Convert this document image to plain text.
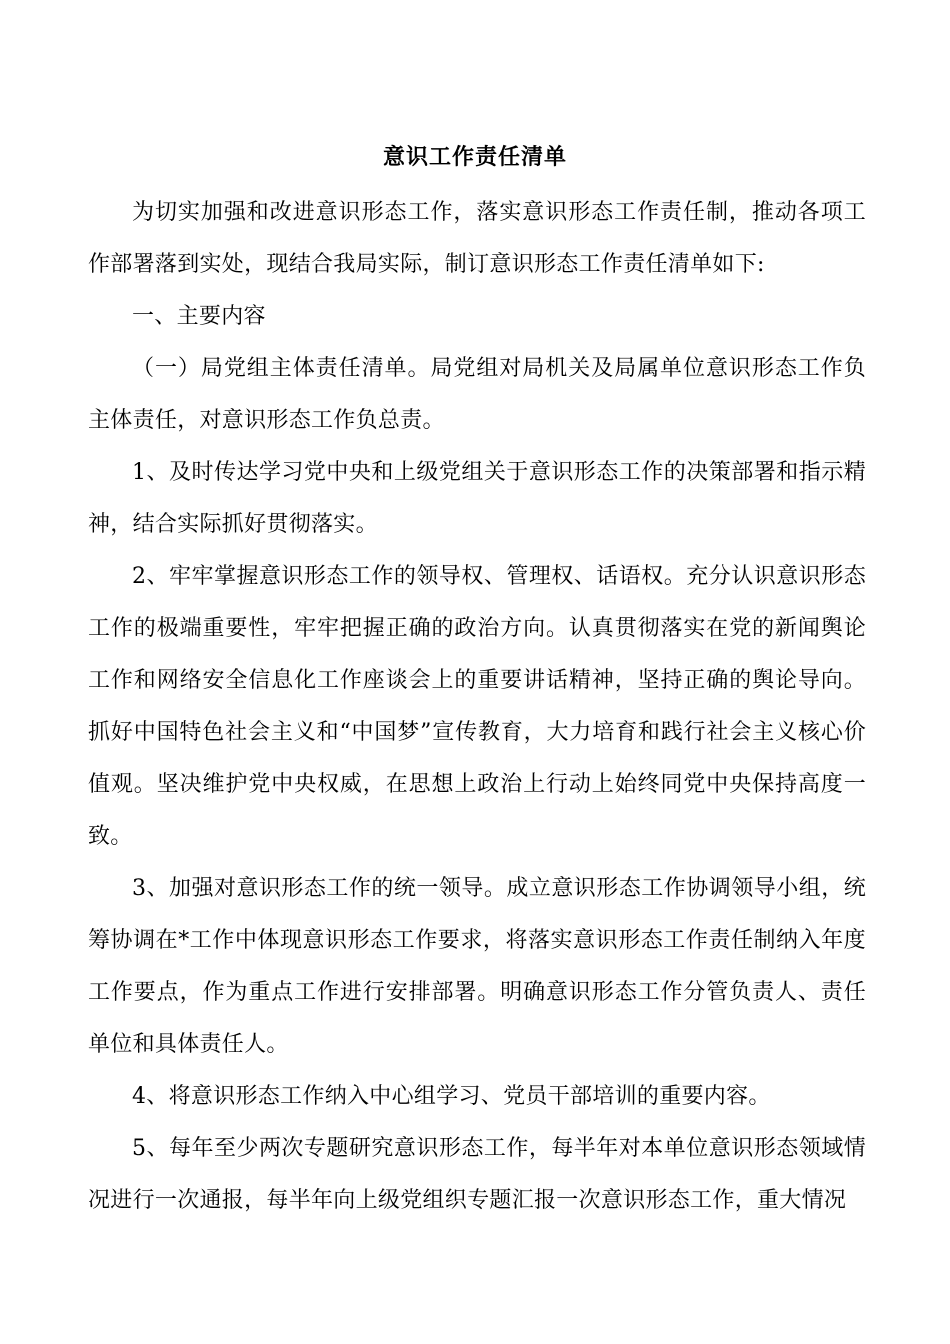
意识工作责任清单

为切实加强和改进意识形态工作，落实意识形态工作责任制，推动各项工作部署落到实处，现结合我局实际，制订意识形态工作责任清单如下:

一、主要内容

（一）局党组主体责任清单。局党组对局机关及局属单位意识形态工作负主体责任，对意识形态工作负总责。

1、及时传达学习党中央和上级党组关于意识形态工作的决策部署和指示精神，结合实际抓好贯彻落实。

2、牢牢掌握意识形态工作的领导权、管理权、话语权。充分认识意识形态工作的极端重要性，牢牢把握正确的政治方向。认真贯彻落实在党的新闻舆论工作和网络安全信息化工作座谈会上的重要讲话精神，坚持正确的舆论导向。抓好中国特色社会主义和“中国梦”宣传教育，大力培育和践行社会主义核心价值观。坚决维护党中央权威，在思想上政治上行动上始终同党中央保持高度一致。

3、加强对意识形态工作的统一领导。成立意识形态工作协调领导小组，统筹协调在*工作中体现意识形态工作要求，将落实意识形态工作责任制纳入年度工作要点，作为重点工作进行安排部署。明确意识形态工作分管负责人、责任单位和具体责任人。

4、将意识形态工作纳入中心组学习、党员干部培训的重要内容。

5、每年至少两次专题研究意识形态工作，每半年对本单位意识形态领域情况进行一次通报，每半年向上级党组织专题汇报一次意识形态工作，重大情况
